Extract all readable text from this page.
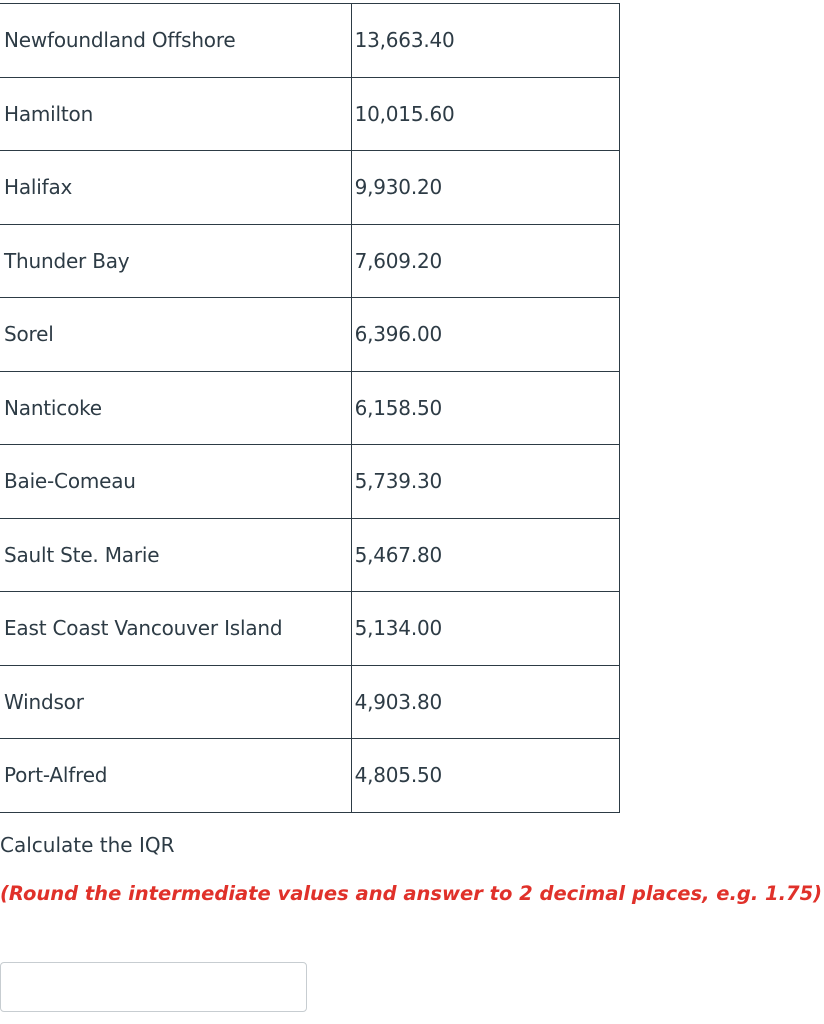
Newfoundland Offshore	13,663.40
Hamilton	10,015.60
Halifax	9,930.20
Thunder Bay	7,609.20
Sorel	6,396.00
Nanticoke	6,158.50
Baie-Comeau	5,739.30
Sault Ste. Marie	5,467.80
East Coast Vancouver Island	5,134.00
Windsor	4,903.80
Port-Alfred	4,805.50
Calculate the IQR
(Round the intermediate values and answer to 2 decimal places, e.g. 1.75)
